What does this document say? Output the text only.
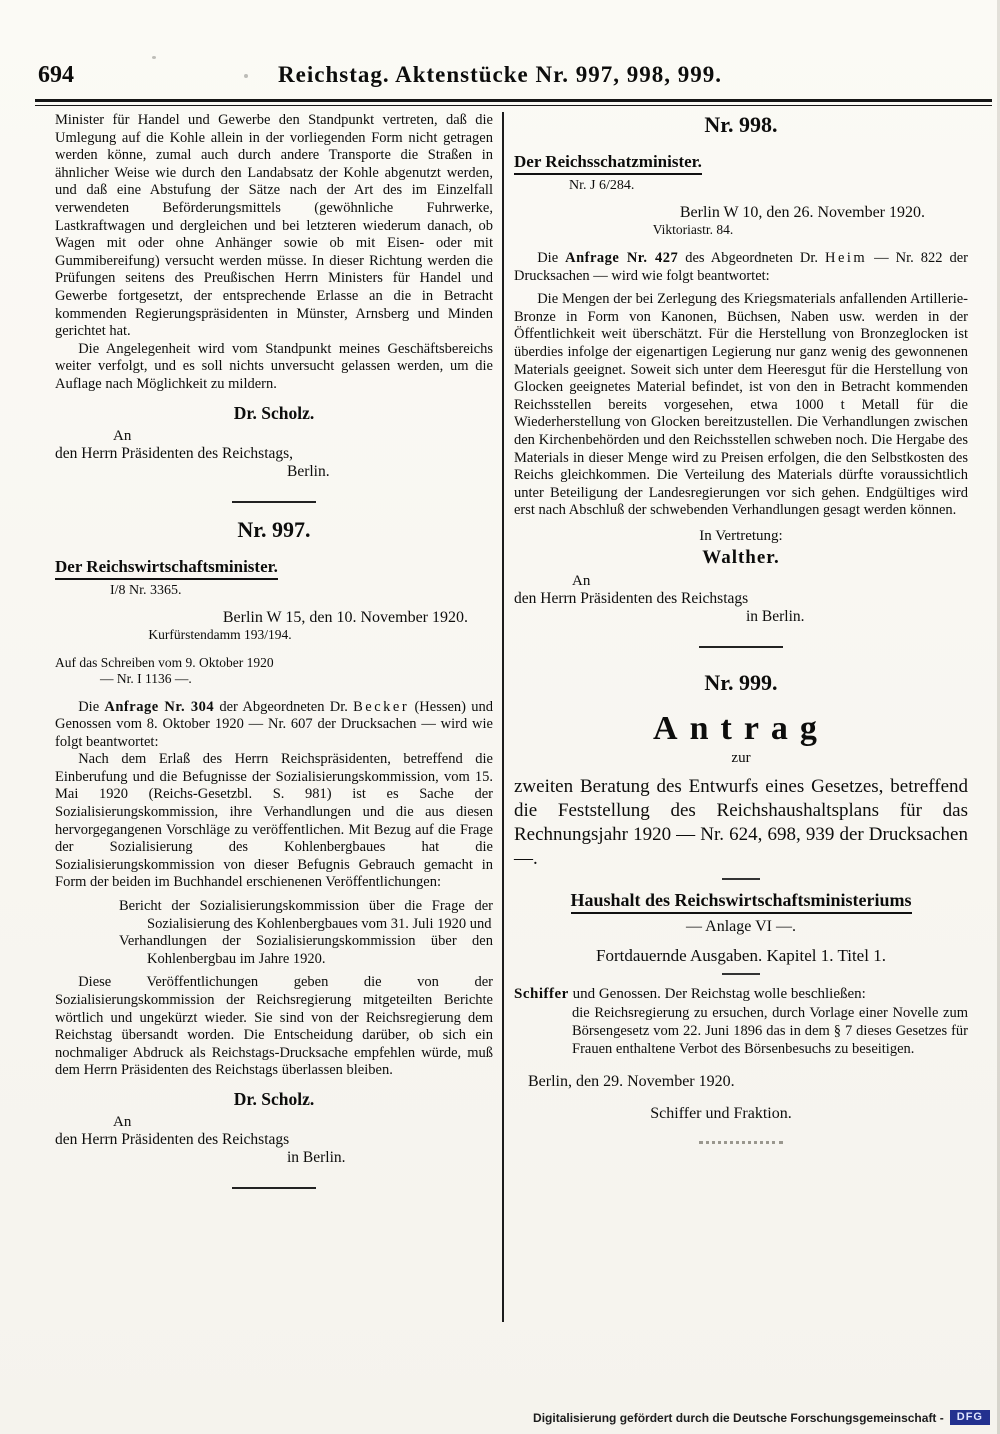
694	Reichstag. Aktenstücke Nr. 997, 998, 999.
Minister für Handel und Gewerbe den Standpunkt vertreten, daß die Umlegung auf die Kohle allein in der vorliegenden Form nicht getragen werden könne, zumal auch durch andere Transporte die Straßen in ähnlicher Weise wie durch den Landabsatz der Kohle abgenutzt werden, und daß eine Abstufung der Sätze nach der Art des im Einzelfall verwendeten Beförderungsmittels (gewöhnliche Fuhrwerke, Lastkraftwagen und dergleichen und bei letzteren wiederum danach, ob Wagen mit oder ohne Anhänger sowie ob mit Eisen- oder mit Gummibereifung) versucht werden müsse. In dieser Richtung werden die Prüfungen seitens des Preußischen Herrn Ministers für Handel und Gewerbe fortgesetzt, der entsprechende Erlasse an die in Betracht kommenden Regierungspräsidenten in Münster, Arnsberg und Minden gerichtet hat.
Die Angelegenheit wird vom Standpunkt meines Geschäftsbereichs weiter verfolgt, und es soll nichts unversucht gelassen werden, um die Auflage nach Möglichkeit zu mildern.
Dr. Scholz.
An
den Herrn Präsidenten des Reichstags,
Berlin.
Nr. 997.
Der Reichswirtschaftsminister.
I/8 Nr. 3365.
Berlin W 15, den 10. November 1920.
Kurfürstendamm 193/194.
Auf das Schreiben vom 9. Oktober 1920
— Nr. I 1136 —.
Die Anfrage Nr. 304 der Abgeordneten Dr. Becker (Hessen) und Genossen vom 8. Oktober 1920 — Nr. 607 der Drucksachen — wird wie folgt beantwortet:
Nach dem Erlaß des Herrn Reichspräsidenten, betreffend die Einberufung und die Befugnisse der Sozialisierungskommission, vom 15. Mai 1920 (Reichs-Gesetzbl. S. 981) ist es Sache der Sozialisierungskommission, ihre Verhandlungen und die aus diesen hervorgegangenen Vorschläge zu veröffentlichen. Mit Bezug auf die Frage der Sozialisierung des Kohlenbergbaues hat die Sozialisierungskommission von dieser Befugnis Gebrauch gemacht in Form der beiden im Buchhandel erschienenen Veröffentlichungen:
Bericht der Sozialisierungskommission über die Frage der Sozialisierung des Kohlenbergbaues vom 31. Juli 1920 und
Verhandlungen der Sozialisierungskommission über den Kohlenbergbau im Jahre 1920.
Diese Veröffentlichungen geben die von der Sozialisierungskommission der Reichsregierung mitgeteilten Berichte wörtlich und ungekürzt wieder. Sie sind von der Reichsregierung dem Reichstag übersandt worden. Die Entscheidung darüber, ob sich ein nochmaliger Abdruck als Reichstags-Drucksache empfehlen würde, muß dem Herrn Präsidenten des Reichstags überlassen bleiben.
Dr. Scholz.
An
den Herrn Präsidenten des Reichstags
in Berlin.
Nr. 998.
Der Reichsschatzminister.
Nr. J 6/284.
Berlin W 10, den 26. November 1920.
Viktoriastr. 84.
Die Anfrage Nr. 427 des Abgeordneten Dr. Heim — Nr. 822 der Drucksachen — wird wie folgt beantwortet:
Die Mengen der bei Zerlegung des Kriegsmaterials anfallenden Artillerie-Bronze in Form von Kanonen, Büchsen, Naben usw. werden in der Öffentlichkeit weit überschätzt. Für die Herstellung von Bronzeglocken ist überdies infolge der eigenartigen Legierung nur ganz wenig des gewonnenen Materials geeignet. Soweit sich unter dem Heeresgut für die Herstellung von Glocken geeignetes Material befindet, ist von den in Betracht kommenden Reichsstellen bereits vorgesehen, etwa 1000 t Metall für die Wiederherstellung von Glocken bereitzustellen. Die Verhandlungen zwischen den Kirchenbehörden und den Reichsstellen schweben noch. Die Hergabe des Materials in dieser Menge wird zu Preisen erfolgen, die den Selbstkosten des Reichs gleichkommen. Die Verteilung des Materials dürfte voraussichtlich unter Beteiligung der Landesregierungen vor sich gehen. Endgültiges wird erst nach Abschluß der schwebenden Verhandlungen gesagt werden können.
In Vertretung:
Walther.
An
den Herrn Präsidenten des Reichstags
in Berlin.
Nr. 999.
Antrag
zur
zweiten Beratung des Entwurfs eines Gesetzes, betreffend die Feststellung des Reichshaushaltsplans für das Rechnungsjahr 1920 — Nr. 624, 698, 939 der Drucksachen —.
Haushalt des Reichswirtschaftsministeriums
— Anlage VI —.
Fortdauernde Ausgaben. Kapitel 1. Titel 1.
Schiffer und Genossen. Der Reichstag wolle beschließen:
die Reichsregierung zu ersuchen, durch Vorlage einer Novelle zum Börsengesetz vom 22. Juni 1896 das in dem § 7 dieses Gesetzes für Frauen enthaltene Verbot des Börsenbesuchs zu beseitigen.
Berlin, den 29. November 1920.
Schiffer und Fraktion.
Digitalisierung gefördert durch die Deutsche Forschungsgemeinschaft -	DFG
